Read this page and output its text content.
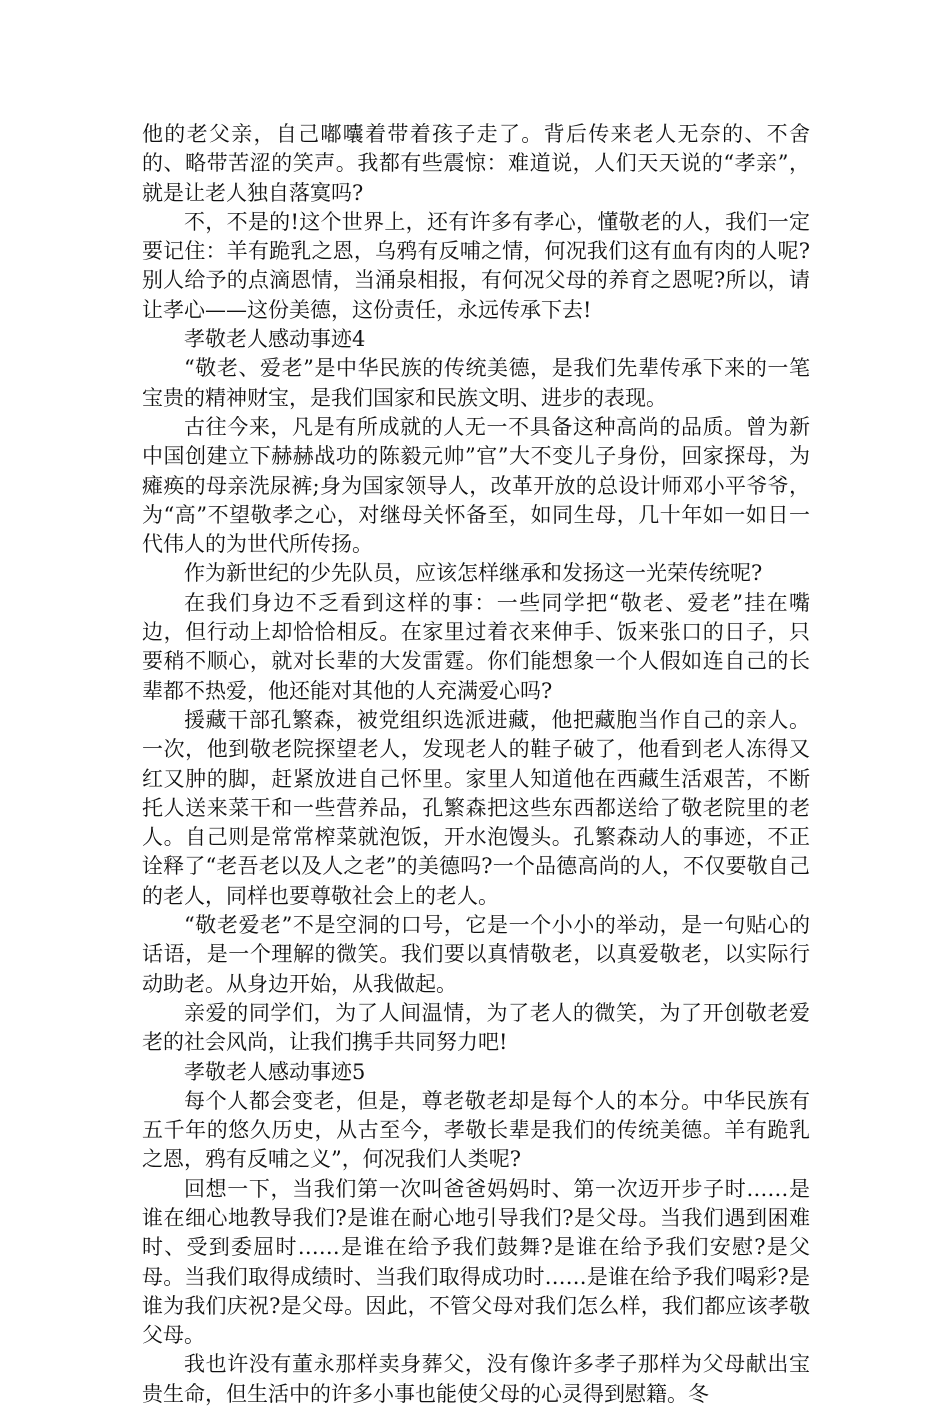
他的老父亲，自己嘟囔着带着孩子走了。背后传来老人无奈的、不舍的、略带苦涩的笑声。我都有些震惊：难道说，人们天天说的“孝亲”，就是让老人独自落寞吗?

不，不是的!这个世界上，还有许多有孝心，懂敬老的人，我们一定要记住：羊有跪乳之恩，乌鸦有反哺之情，何况我们这有血有肉的人呢?别人给予的点滴恩情，当涌泉相报，有何况父母的养育之恩呢?所以，请让孝心——这份美德，这份责任，永远传承下去!

孝敬老人感动事迹4

“敬老、爱老”是中华民族的传统美德，是我们先辈传承下来的一笔宝贵的精神财宝，是我们国家和民族文明、进步的表现。

古往今来，凡是有所成就的人无一不具备这种高尚的品质。曾为新中国创建立下赫赫战功的陈毅元帅”官”大不变儿子身份，回家探母，为瘫痪的母亲洗尿裤;身为国家领导人，改革开放的总设计师邓小平爷爷，为“高”不望敬孝之心，对继母关怀备至，如同生母，几十年如一如日一代伟人的为世代所传扬。

作为新世纪的少先队员，应该怎样继承和发扬这一光荣传统呢?

在我们身边不乏看到这样的事：一些同学把“敬老、爱老”挂在嘴边，但行动上却恰恰相反。在家里过着衣来伸手、饭来张口的日子，只要稍不顺心，就对长辈的大发雷霆。你们能想象一个人假如连自己的长辈都不热爱，他还能对其他的人充满爱心吗?

援藏干部孔繁森，被党组织选派进藏，他把藏胞当作自己的亲人。一次，他到敬老院探望老人，发现老人的鞋子破了，他看到老人冻得又红又肿的脚，赶紧放进自己怀里。家里人知道他在西藏生活艰苦，不断托人送来菜干和一些营养品，孔繁森把这些东西都送给了敬老院里的老人。自己则是常常榨菜就泡饭，开水泡馒头。孔繁森动人的事迹，不正诠释了“老吾老以及人之老”的美德吗?一个品德高尚的人，不仅要敬自己的老人，同样也要尊敬社会上的老人。

“敬老爱老”不是空洞的口号，它是一个小小的举动，是一句贴心的话语，是一个理解的微笑。我们要以真情敬老，以真爱敬老，以实际行动助老。从身边开始，从我做起。

亲爱的同学们，为了人间温情，为了老人的微笑，为了开创敬老爱老的社会风尚，让我们携手共同努力吧!

孝敬老人感动事迹5

每个人都会变老，但是，尊老敬老却是每个人的本分。中华民族有五千年的悠久历史，从古至今，孝敬长辈是我们的传统美德。羊有跪乳之恩，鸦有反哺之义”，何况我们人类呢?

回想一下，当我们第一次叫爸爸妈妈时、第一次迈开步子时……是谁在细心地教导我们?是谁在耐心地引导我们?是父母。当我们遇到困难时、受到委屈时……是谁在给予我们鼓舞?是谁在给予我们安慰?是父母。当我们取得成绩时、当我们取得成功时……是谁在给予我们喝彩?是谁为我们庆祝?是父母。因此，不管父母对我们怎么样，我们都应该孝敬父母。

我也许没有董永那样卖身葬父，没有像许多孝子那样为父母献出宝贵生命，但生活中的许多小事也能使父母的心灵得到慰籍。冬
